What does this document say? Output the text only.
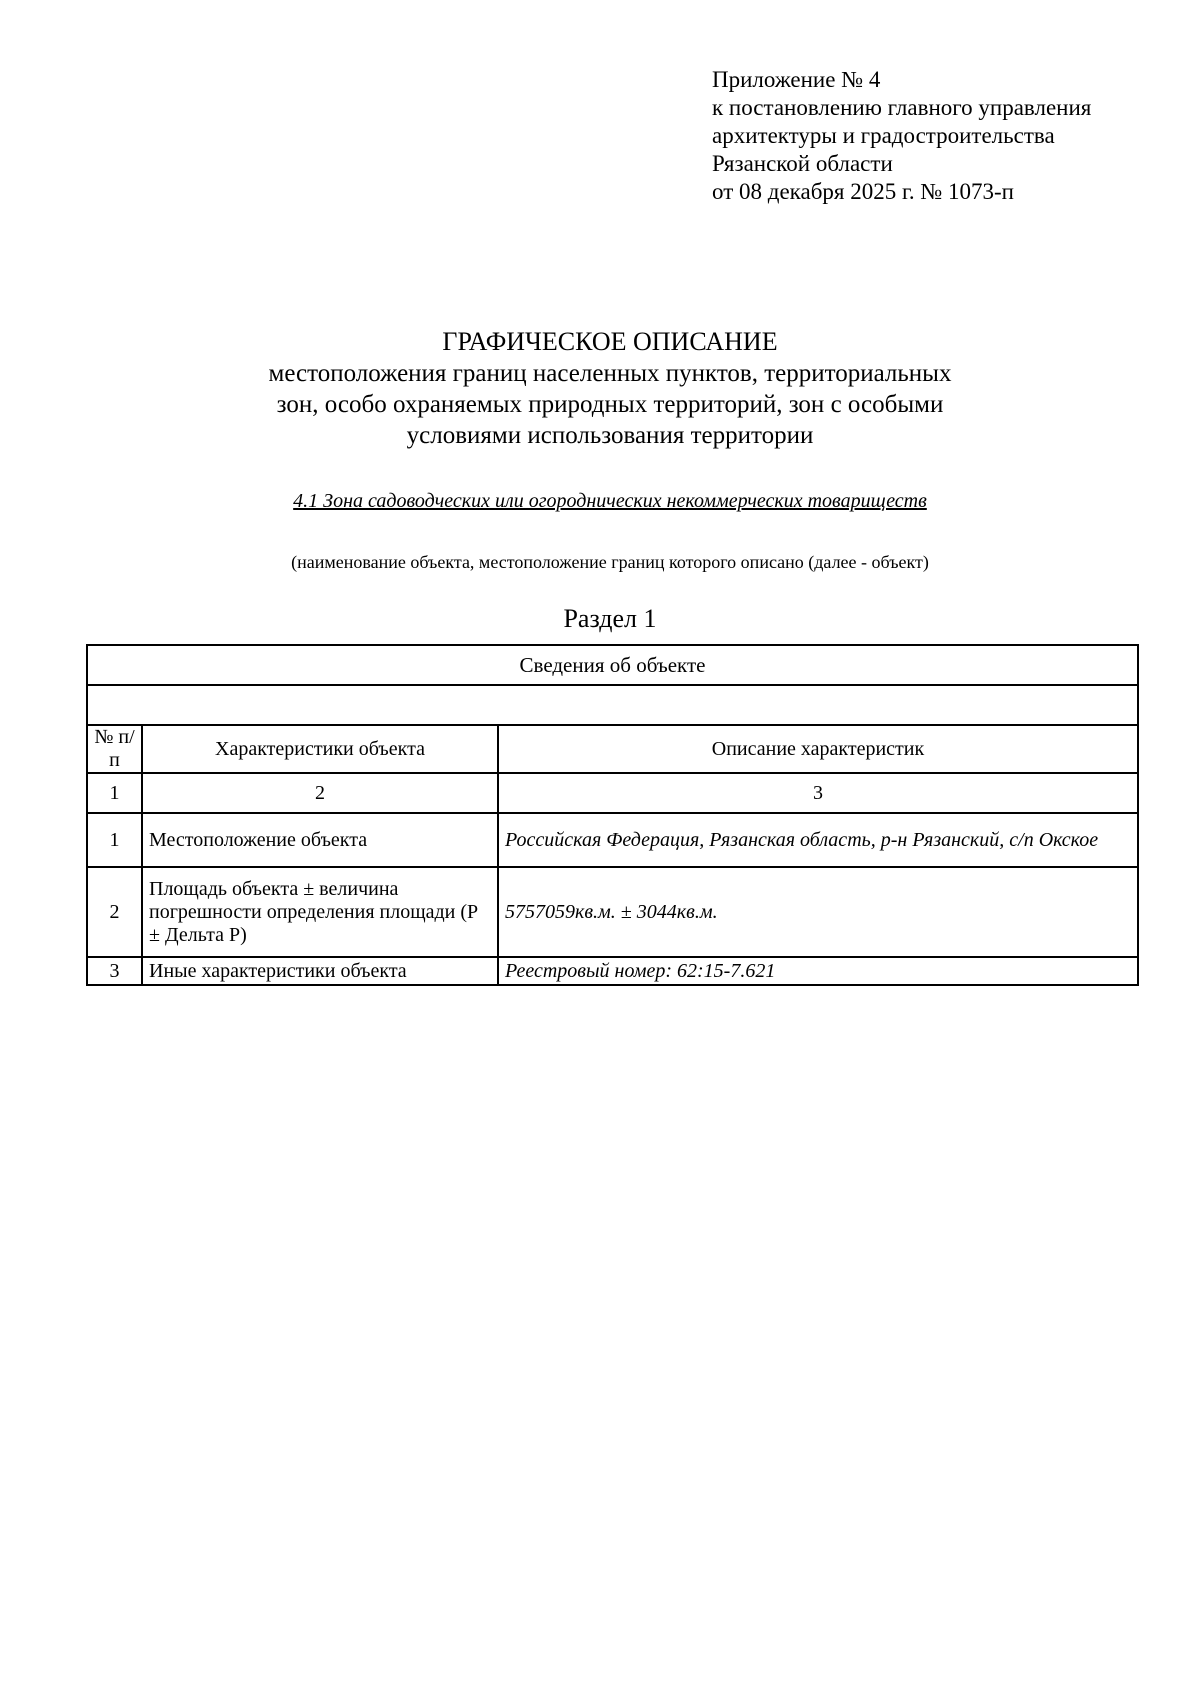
Приложение № 4
к постановлению главного управления
архитектуры и градостроительства
Рязанской области
от 08 декабря 2025 г. № 1073-п
ГРАФИЧЕСКОЕ ОПИСАНИЕ
местоположения границ населенных пунктов, территориальных
зон, особо охраняемых природных территорий, зон с особыми
условиями использования территории
4.1 Зона садоводческих или огороднических некоммерческих товариществ
(наименование объекта, местоположение границ которого описано (далее - объект)
Раздел 1
Сведения об объекте		

№ п/п	Характеристики объекта	Описание характеристик
1	2	3
1	Местоположение объекта	Российская Федерация, Рязанская область, р-н Рязанский, с/п Окское
2	Площадь объекта ± величина погрешности определения площади (Р ± Дельта Р)	5757059кв.м. ± 3044кв.м.
3	Иные характеристики объекта	Реестровый номер: 62:15-7.621
